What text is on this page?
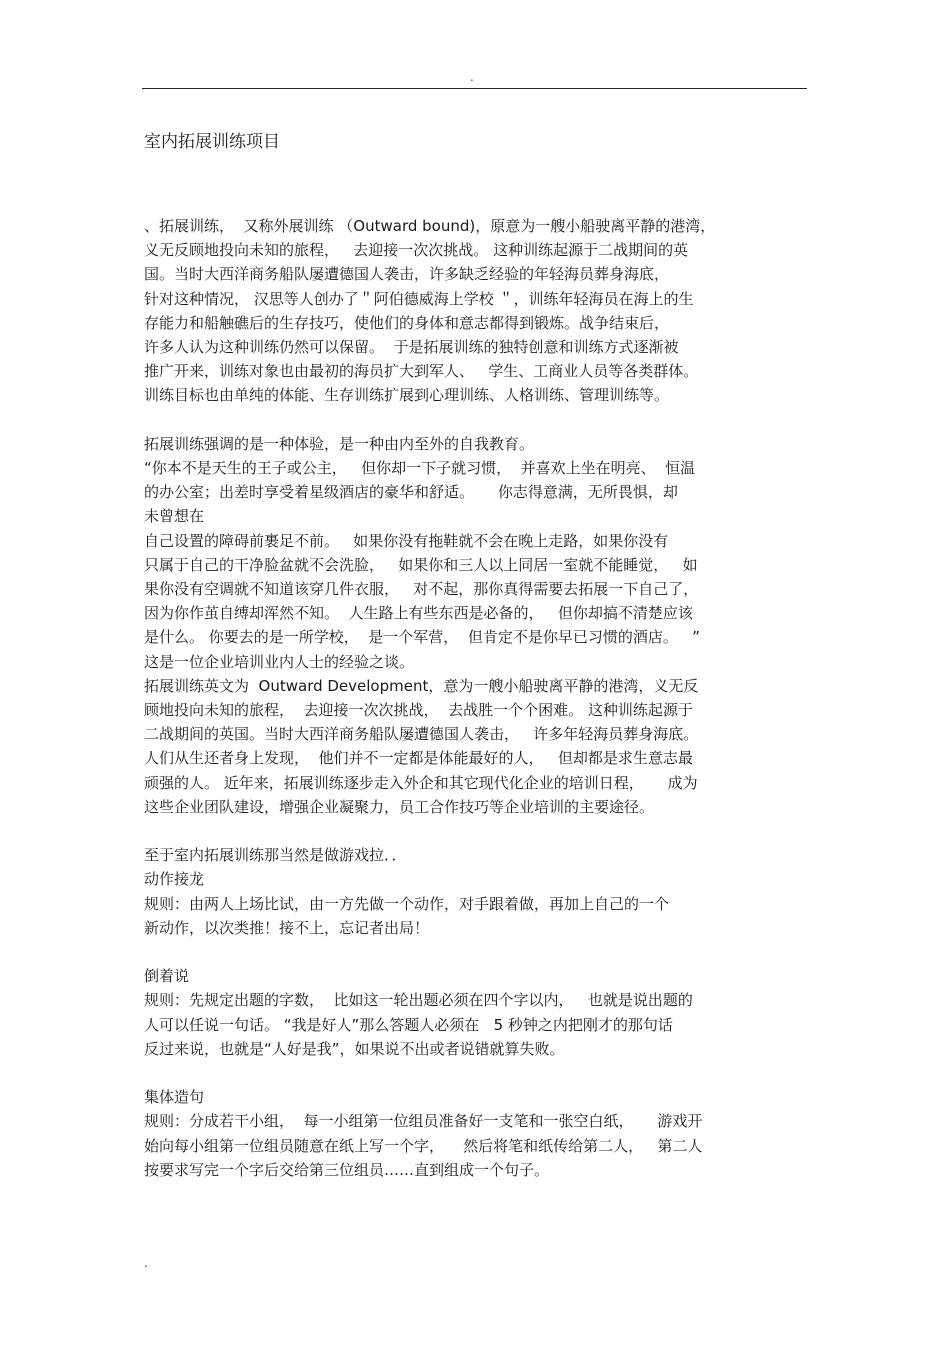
.
室内拓展训练项目

、拓展训练，  又称外展训练 （Outward bound)，原意为一艘小船驶离平静的港湾，

义无反顾地投向未知的旅程，   去迎接一次次挑战。 这种训练起源于二战期间的英

国。当时大西洋商务船队屡遭德国人袭击，许多缺乏经验的年轻海员葬身海底，

针对这种情况， 汉思等人创办了＂阿伯德威海上学校 ＂，训练年轻海员在海上的生

存能力和船触礁后的生存技巧，使他们的身体和意志都得到锻炼。战争结束后，

许多人认为这种训练仍然可以保留。  于是拓展训练的独特创意和训练方式逐渐被

推广开来，训练对象也由最初的海员扩大到军人、   学生、工商业人员等各类群体。

训练目标也由单纯的体能、生存训练扩展到心理训练、人格训练、管理训练等。

拓展训练强调的是一种体验，是一种由内至外的自我教育。

“你本不是天生的王子或公主，   但你却一下子就习惯，  并喜欢上坐在明亮、  恒温

的办公室；出差时享受着星级酒店的豪华和舒适。     你志得意满，无所畏惧，却

未曾想在

自己设置的障碍前裹足不前。   如果你没有拖鞋就不会在晚上走路，如果你没有

只属于自己的干净脸盆就不会洗脸，   如果你和三人以上同居一室就不能睡觉，   如

果你没有空调就不知道该穿几件衣服，   对不起，那你真得需要去拓展一下自己了，

因为你作茧自缚却浑然不知。  人生路上有些东西是必备的，   但你却搞不清楚应该

是什么。 你要去的是一所学校，  是一个军营，  但肯定不是你早已习惯的酒店。   ”

这是一位企业培训业内人士的经验之谈。

拓展训练英文为  Outward Development，意为一艘小船驶离平静的港湾，义无反

顾地投向未知的旅程，  去迎接一次次挑战，  去战胜一个个困难。 这种训练起源于

二战期间的英国。当时大西洋商务船队屡遭德国人袭击，   许多年轻海员葬身海底。

人们从生还者身上发现，  他们并不一定都是体能最好的人，   但却都是求生意志最

顽强的人。 近年来，拓展训练逐步走入外企和其它现代化企业的培训日程，     成为

这些企业团队建设，增强企业凝聚力，员工合作技巧等企业培训的主要途径。

至于室内拓展训练那当然是做游戏拉．．

动作接龙

规则：由两人上场比试，由一方先做一个动作，对手跟着做，再加上自己的一个

新动作，以次类推！接不上，忘记者出局！

倒着说

规则：先规定出题的字数，  比如这一轮出题必须在四个字以内，   也就是说出题的

人可以任说一句话。 “我是好人”那么答题人必须在   5 秒钟之内把刚才的那句话

反过来说，也就是“人好是我”，如果说不出或者说错就算失败。

集体造句

规则：分成若干小组，  每一小组第一位组员准备好一支笔和一张空白纸，     游戏开

始向每小组第一位组员随意在纸上写一个字，    然后将笔和纸传给第二人，   第二人

按要求写完一个字后交给第三位组员……直到组成一个句子。

.
